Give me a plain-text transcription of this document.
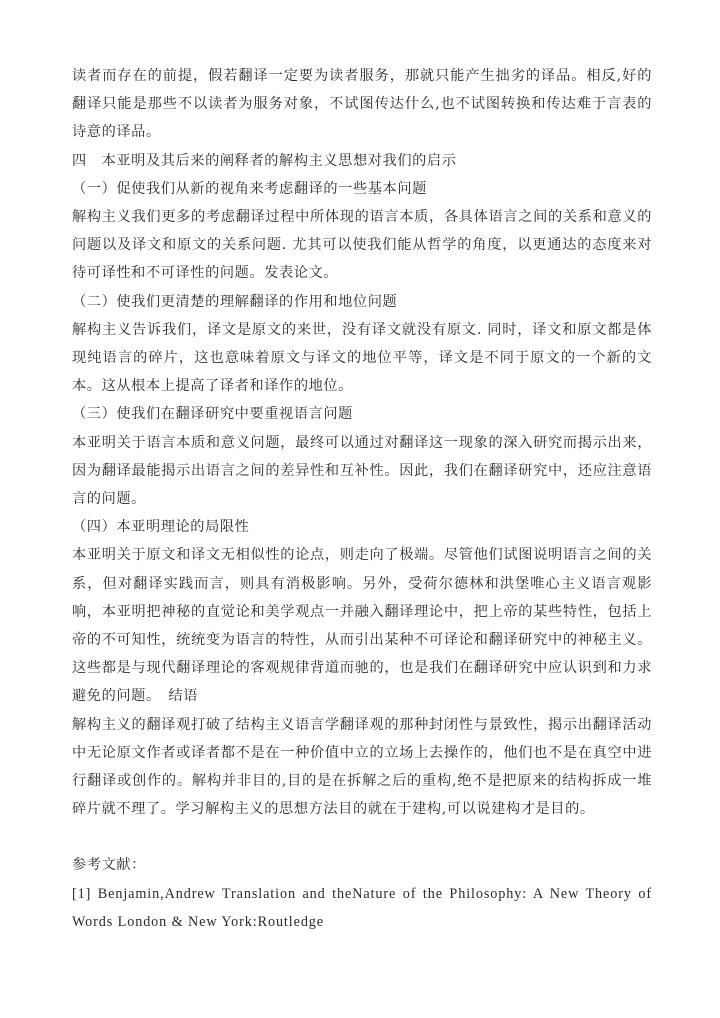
读者而存在的前提，假若翻译一定要为读者服务，那就只能产生拙劣的译品。相反,好的翻译只能是那些不以读者为服务对象，不试图传达什么,也不试图转换和传达难于言表的诗意的译品。

四　本亚明及其后来的阐释者的解构主义思想对我们的启示
（一）促使我们从新的视角来考虑翻译的一些基本问题

解构主义我们更多的考虑翻译过程中所体现的语言本质，各具体语言之间的关系和意义的问题以及译文和原文的关系问题. 尤其可以使我们能从哲学的角度，以更通达的态度来对待可译性和不可译性的问题。发表论文。

（二）使我们更清楚的理解翻译的作用和地位问题

解构主义告诉我们，译文是原文的来世，没有译文就没有原文. 同时，译文和原文都是体现纯语言的碎片，这也意味着原文与译文的地位平等，译文是不同于原文的一个新的文本。这从根本上提高了译者和译作的地位。

（三）使我们在翻译研究中要重视语言问题

本亚明关于语言本质和意义问题，最终可以通过对翻译这一现象的深入研究而揭示出来，因为翻译最能揭示出语言之间的差异性和互补性。因此，我们在翻译研究中，还应注意语言的问题。

（四）本亚明理论的局限性

本亚明关于原文和译文无相似性的论点，则走向了极端。尽管他们试图说明语言之间的关系，但对翻译实践而言，则具有消极影响。另外，受荷尔德林和洪堡唯心主义语言观影响，本亚明把神秘的直觉论和美学观点一并融入翻译理论中，把上帝的某些特性，包括上帝的不可知性，统统变为语言的特性，从而引出某种不可译论和翻译研究中的神秘主义。这些都是与现代翻译理论的客观规律背道而驰的，也是我们在翻译研究中应认识到和力求避免的问题。　结语

解构主义的翻译观打破了结构主义语言学翻译观的那种封闭性与景致性，揭示出翻译活动中无论原文作者或译者都不是在一种价值中立的立场上去操作的，他们也不是在真空中进行翻译或创作的。解构并非目的,目的是在拆解之后的重构,绝不是把原来的结构拆成一堆碎片就不理了。学习解构主义的思想方法目的就在于建构,可以说建构才是目的。

参考文献：

[1] Benjamin,Andrew Translation and theNature of the Philosophy: A New Theory of Words London & New York:Routledge
